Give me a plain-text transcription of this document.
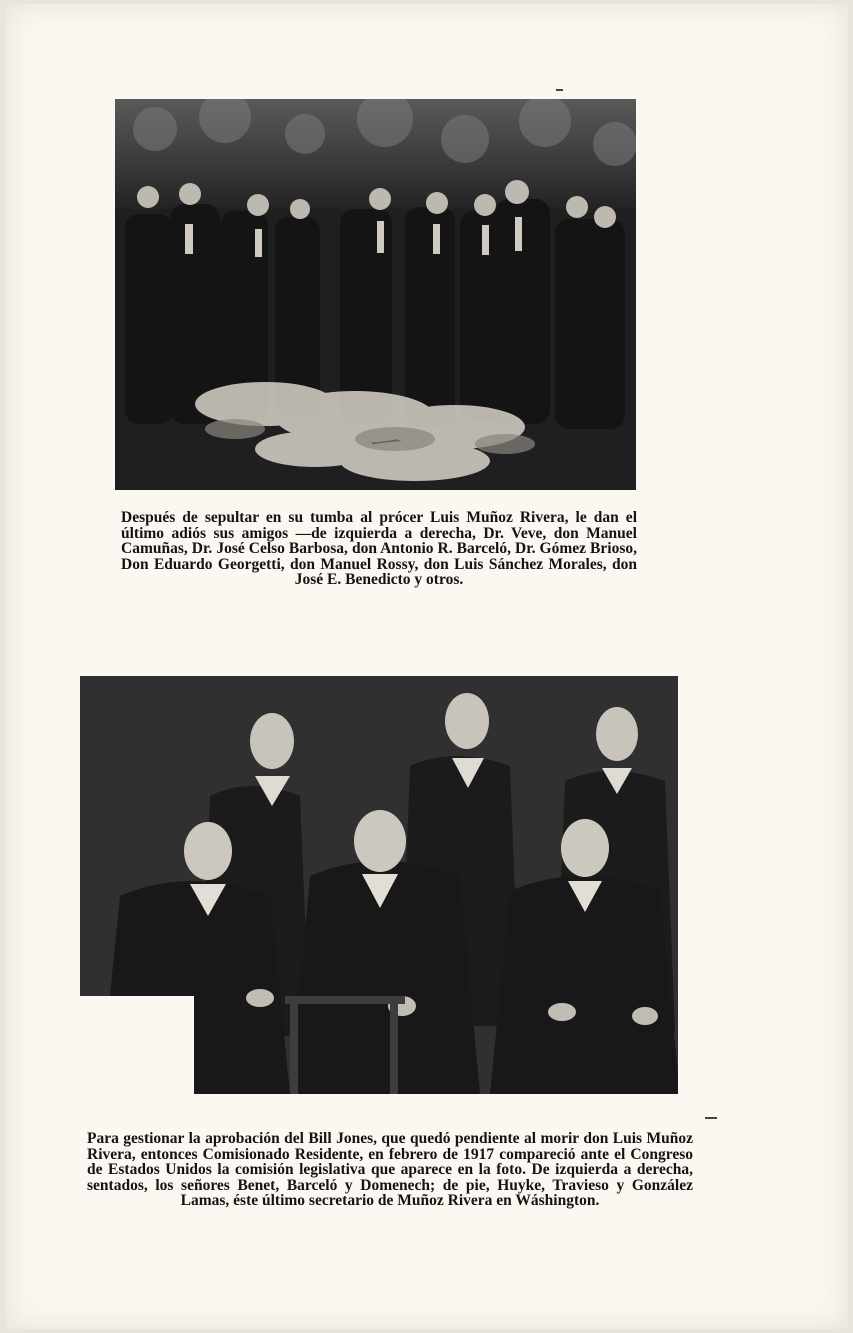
Después de sepultar en su tumba al prócer Luis Muñoz Rivera, le dan el último adiós sus amigos —de izquierda a derecha, Dr. Veve, don Manuel Camuñas, Dr. José Celso Barbosa, don Antonio R. Barceló, Dr. Gómez Brioso, Don Eduardo Georgetti, don Manuel Rossy, don Luis Sánchez Morales, don José E. Benedicto y otros.

Para gestionar la aprobación del Bill Jones, que quedó pendiente al morir don Luis Muñoz Rivera, entonces Comisionado Residente, en febrero de 1917 compareció ante el Congreso de Estados Unidos la comisión legislativa que aparece en la foto. De izquierda a derecha, sentados, los señores Benet, Barceló y Domenech; de pie, Huyke, Travieso y González Lamas, éste último secretario de Muñoz Rivera en Wáshington.
